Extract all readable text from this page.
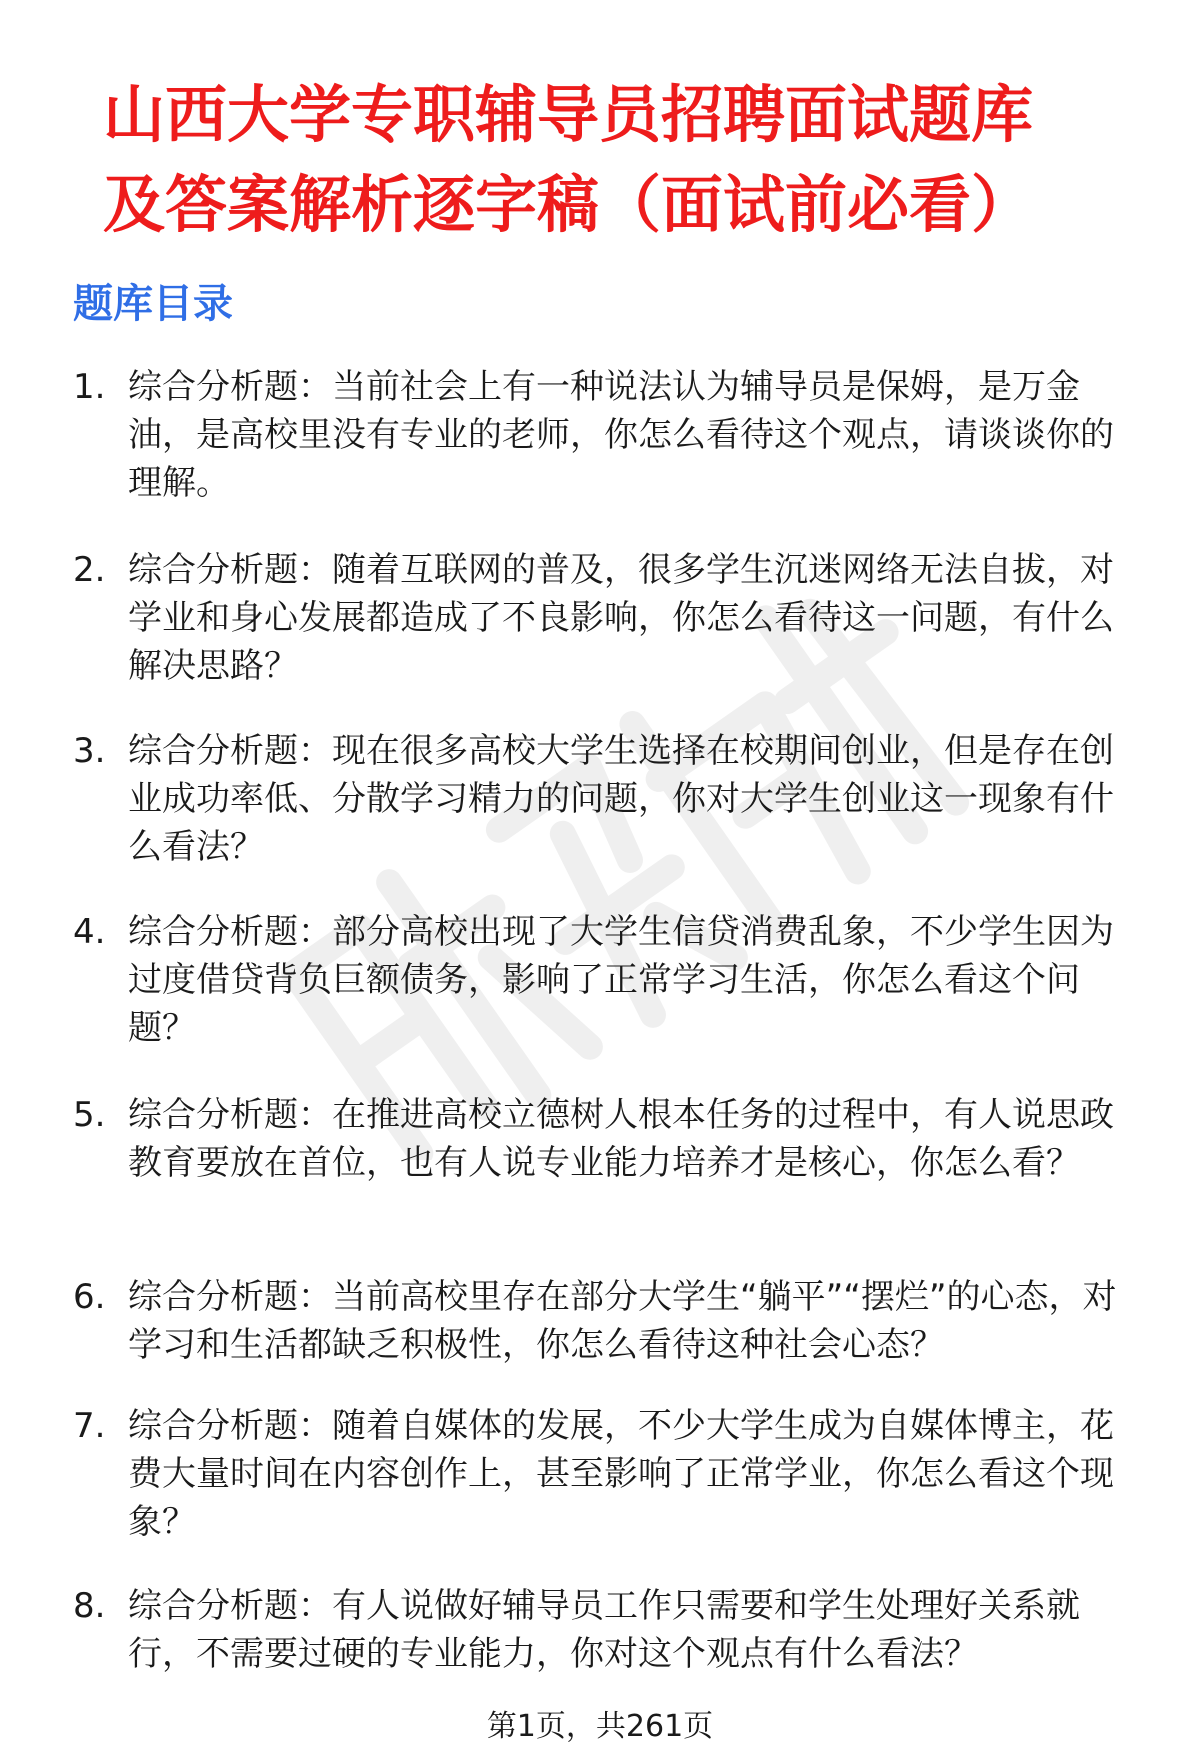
山西大学专职辅导员招聘面试题库
及答案解析逐字稿（面试前必看）
题库目录
1. 综合分析题：当前社会上有一种说法认为辅导员是保姆，是万金油，是高校里没有专业的老师，你怎么看待这个观点，请谈谈你的理解。
2. 综合分析题：随着互联网的普及，很多学生沉迷网络无法自拔，对学业和身心发展都造成了不良影响，你怎么看待这一问题，有什么解决思路？
3. 综合分析题：现在很多高校大学生选择在校期间创业，但是存在创业成功率低、分散学习精力的问题，你对大学生创业这一现象有什么看法？
4. 综合分析题：部分高校出现了大学生信贷消费乱象，不少学生因为过度借贷背负巨额债务，影响了正常学习生活，你怎么看这个问题？
5. 综合分析题：在推进高校立德树人根本任务的过程中，有人说思政教育要放在首位，也有人说专业能力培养才是核心，你怎么看？
6. 综合分析题：当前高校里存在部分大学生“躺平”“摆烂”的心态，对学习和生活都缺乏积极性，你怎么看待这种社会心态？
7. 综合分析题：随着自媒体的发展，不少大学生成为自媒体博主，花费大量时间在内容创作上，甚至影响了正常学业，你怎么看这个现象？
8. 综合分析题：有人说做好辅导员工作只需要和学生处理好关系就行，不需要过硬的专业能力，你对这个观点有什么看法？
第1页，共261页
